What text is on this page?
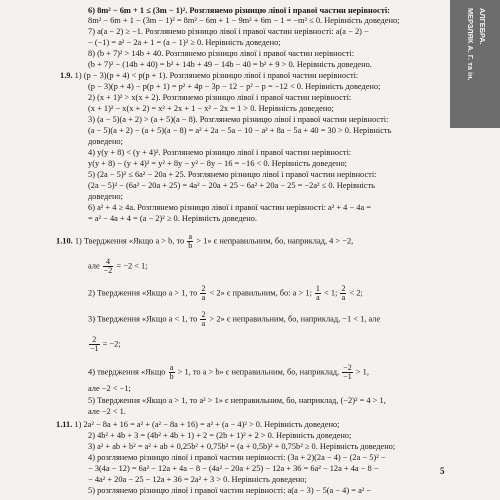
АЛГЕБРА.
МЕРЗЛЯК А. Г. та ін.
6) 8m² − 6m + 1 ≤ (3m − 1)². Розглянемо різницю лівої і правої частин нерівності:
8m² − 6m + 1 − (3m − 1)² = 8m² − 6m + 1 − 9m² + 6m − 1 = −m² ≤ 0. Нерівність доведено;
7) a(a − 2) ≥ −1. Розглянемо різницю лівої і правої частин нерівності: a(a − 2) −
− (−1) = a² − 2a + 1 = (a − 1)² ≥ 0. Нерівність доведено;
8) (b + 7)² > 14b + 40. Розглянемо різницю лівої і правої частин нерівності:
(b + 7)² − (14b + 40) = b² + 14b + 49 − 14b − 40 = b² + 9 > 0. Нерівність доведено.
1.9. 1) (p − 3)(p + 4) < p(p + 1). Розглянемо різницю лівої і правої частин нерівності:
(p − 3)(p + 4) − p(p + 1) = p² + 4p − 3p − 12 − p² − p = −12 < 0. Нерівність доведено;
2) (x + 1)² > x(x + 2). Розглянемо різницю лівої і правої частин нерівності:
(x + 1)² − x(x + 2) = x² + 2x + 1 − x² − 2x = 1 > 0. Нерівність доведено;
3) (a − 5)(a + 2) > (a + 5)(a − 8). Розглянемо різницю лівої і правої частин нерівності:
(a − 5)(a + 2) − (a + 5)(a − 8) = a² + 2a − 5a − 10 − a² + 8a − 5a + 40 = 30 > 0. Нерівність
доведено;
4) y(y + 8) < (y + 4)². Розглянемо різницю лівої і правої частин нерівності:
y(y + 8) − (y + 4)² = y² + 8y − y² − 8y − 16 = −16 < 0. Нерівність доведено;
5) (2a − 5)² ≤ 6a² − 20a + 25. Розглянемо різницю лівої і правої частин нерівності:
(2a − 5)² − (6a² − 20a + 25) = 4a² − 20a + 25 − 6a² + 20a − 25 = −2a² ≤ 0. Нерівність
доведено;
6) a² + 4 ≥ 4a. Розглянемо різницю лівої і правої частин нерівності: a² + 4 − 4a =
= a² − 4a + 4 = (a − 2)² ≥ 0. Нерівність доведено.
1.10. 1) Твердження «Якщо a > b, то $\frac{a}{b} > 1$» є неправильним, бо, наприклад, 4 > −2,
але $\frac{4}{-2} = -2 < 1$;
2) Твердження «Якщо a > 1, то $\frac{2}{a} < 2$» є правильним, бо: a > 1; $\frac{1}{a} < 1$; $\frac{2}{a} < 2$;
3) Твердження «Якщо a < 1, то $\frac{2}{a} > 2$» є неправильним, бо, наприклад, −1 < 1, але
$\frac{2}{-1} = -2$;
4) твердження «Якщо $\frac{a}{b} > 1$, то a > b» є неправильним, бо, наприклад, $\frac{-2}{-1} > 1$,
але −2 < −1;
5) Твердження «Якщо a > 1, то a² > 1» є неправильним, бо, наприклад, (−2)² = 4 > 1,
але −2 < 1.
1.11. 1) 2a² − 8a + 16 = a² + (a² − 8a + 16) = a² + (a − 4)² > 0. Нерівність доведено;
2) 4b² + 4b + 3 = (4b² + 4b + 1) + 2 = (2b + 1)² + 2 > 0. Нерівність доведено;
3) a² + ab + b² = a² + ab + 0,25b² + 0,75b² = (a + 0,5b)² + 0,75b² ≥ 0. Нерівність доведено;
4) розглянемо різницю лівої і правої частин нерівності: (3a + 2)(2a − 4) − (2a − 5)² −
− 3(4a − 12) = 6a² − 12a + 4a − 8 − (4a² − 20a + 25) − 12a + 36 = 6a² − 12a + 4a − 8 −
− 4a² + 20a − 25 − 12a + 36 = 2a² + 3 > 0. Нерівність доведено;
5) розглянемо різницю лівої і правої частин нерівності: a(a − 3) − 5(a − 4) = a² −
5
